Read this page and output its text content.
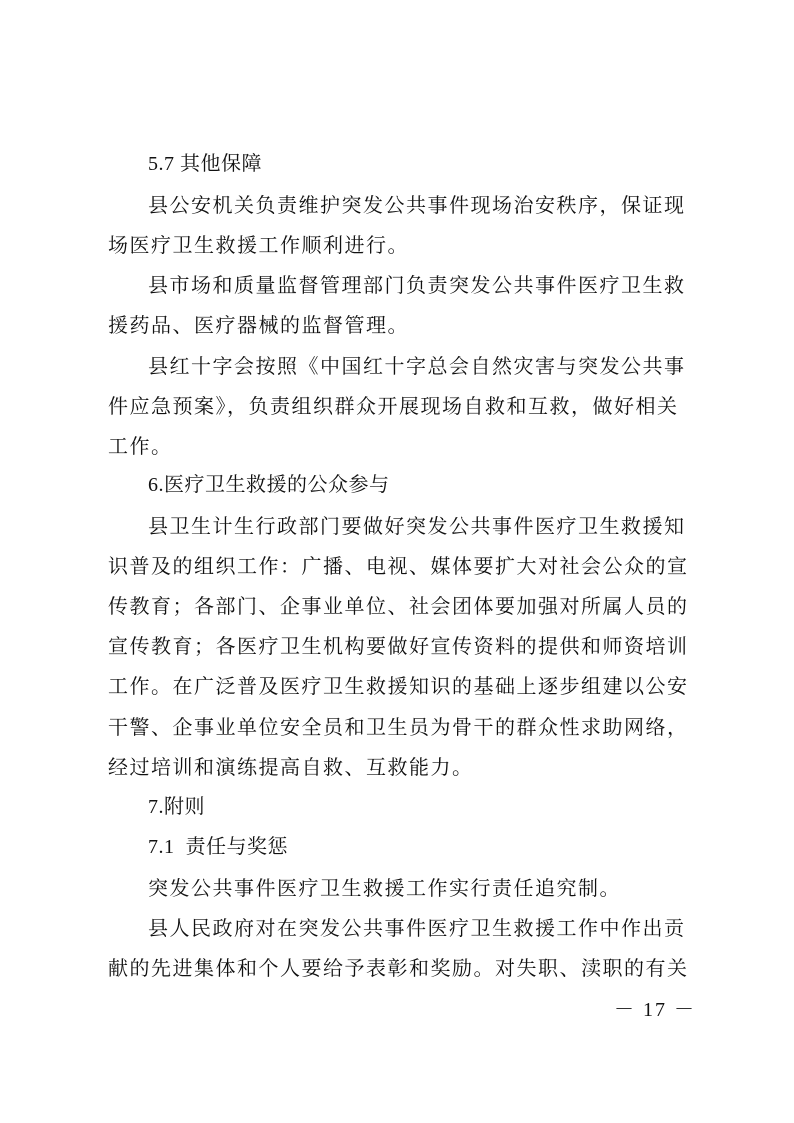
5.7 其他保障
县公安机关负责维护突发公共事件现场治安秩序，保证现
场医疗卫生救援工作顺利进行。
县市场和质量监督管理部门负责突发公共事件医疗卫生救
援药品、医疗器械的监督管理。
县红十字会按照《中国红十字总会自然灾害与突发公共事
件应急预案》，负责组织群众开展现场自救和互救，做好相关
工作。
6.医疗卫生救援的公众参与
县卫生计生行政部门要做好突发公共事件医疗卫生救援知
识普及的组织工作：广播、电视、媒体要扩大对社会公众的宣
传教育；各部门、企事业单位、社会团体要加强对所属人员的
宣传教育；各医疗卫生机构要做好宣传资料的提供和师资培训
工作。在广泛普及医疗卫生救援知识的基础上逐步组建以公安
干警、企事业单位安全员和卫生员为骨干的群众性求助网络，
经过培训和演练提高自救、互救能力。
7.附则
7.1  责任与奖惩
突发公共事件医疗卫生救援工作实行责任追究制。
县人民政府对在突发公共事件医疗卫生救援工作中作出贡
献的先进集体和个人要给予表彰和奖励。对失职、渎职的有关
－ 17 －
